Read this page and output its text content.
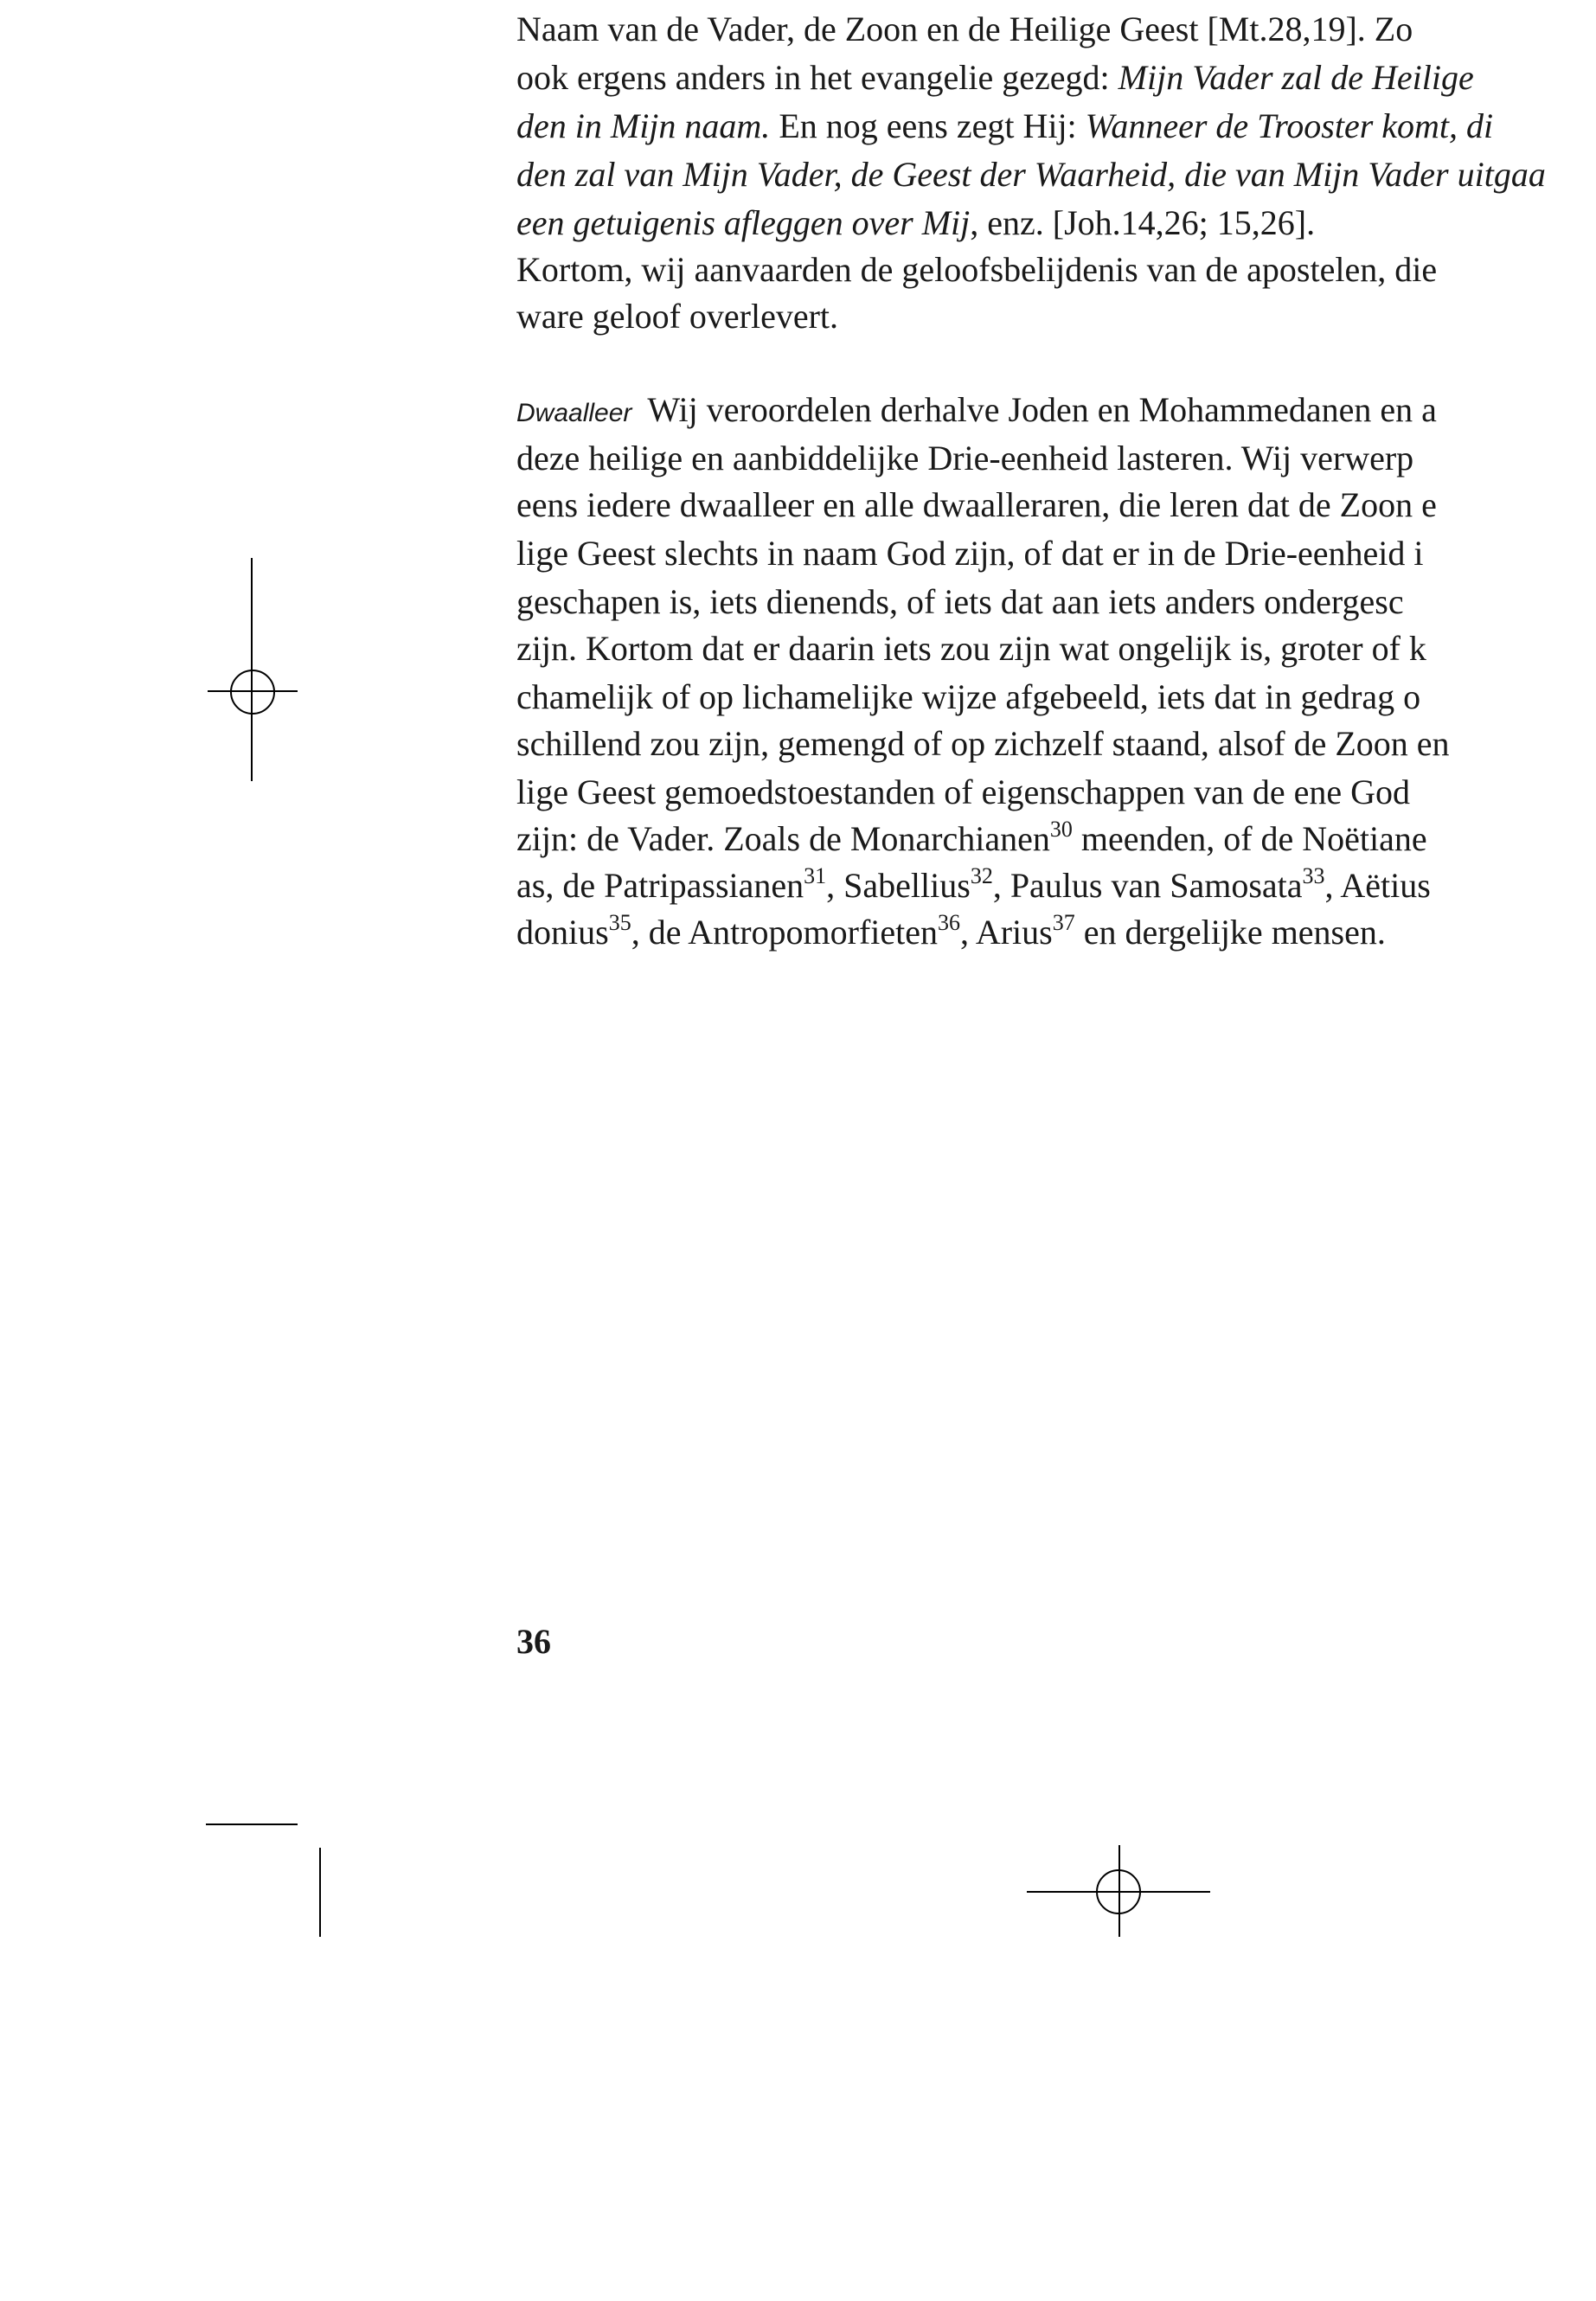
Naam van de Vader, de Zoon en de Heilige Geest [Mt.28,19]. Zo
ook ergens anders in het evangelie gezegd: Mijn Vader zal de Heilige
den in Mijn naam. En nog eens zegt Hij: Wanneer de Trooster komt, di
den zal van Mijn Vader, de Geest der Waarheid, die van Mijn Vader uitgaa
een getuigenis afleggen over Mij, enz. [Joh.14,26; 15,26].
Kortom, wij aanvaarden de geloofsbelijdenis van de apostelen, die
ware geloof overlevert.
Dwaalleer Wij veroordelen derhalve Joden en Mohammedanen en a
deze heilige en aanbiddelijke Drie-eenheid lasteren. Wij verwerp
eens iedere dwaalleer en alle dwaalleraren, die leren dat de Zoon e
lige Geest slechts in naam God zijn, of dat er in de Drie-eenheid i
geschapen is, iets dienends, of iets dat aan iets anders ondergesc
zijn. Kortom dat er daarin iets zou zijn wat ongelijk is, groter of k
chamelijk of op lichamelijke wijze afgebeeld, iets dat in gedrag o
schillend zou zijn, gemengd of op zichzelf staand, alsof de Zoon en
lige Geest gemoedstoestanden of eigenschappen van de ene God
zijn: de Vader. Zoals de Monarchianen$^{30}$ meenden, of de Noëtiane
as, de Patripassianen$^{31}$, Sabellius$^{32}$, Paulus van Samosata$^{33}$, Aëtius
donius$^{35}$, de Antropomorfieten$^{36}$, Arius$^{37}$ en dergelijke mensen.
36
